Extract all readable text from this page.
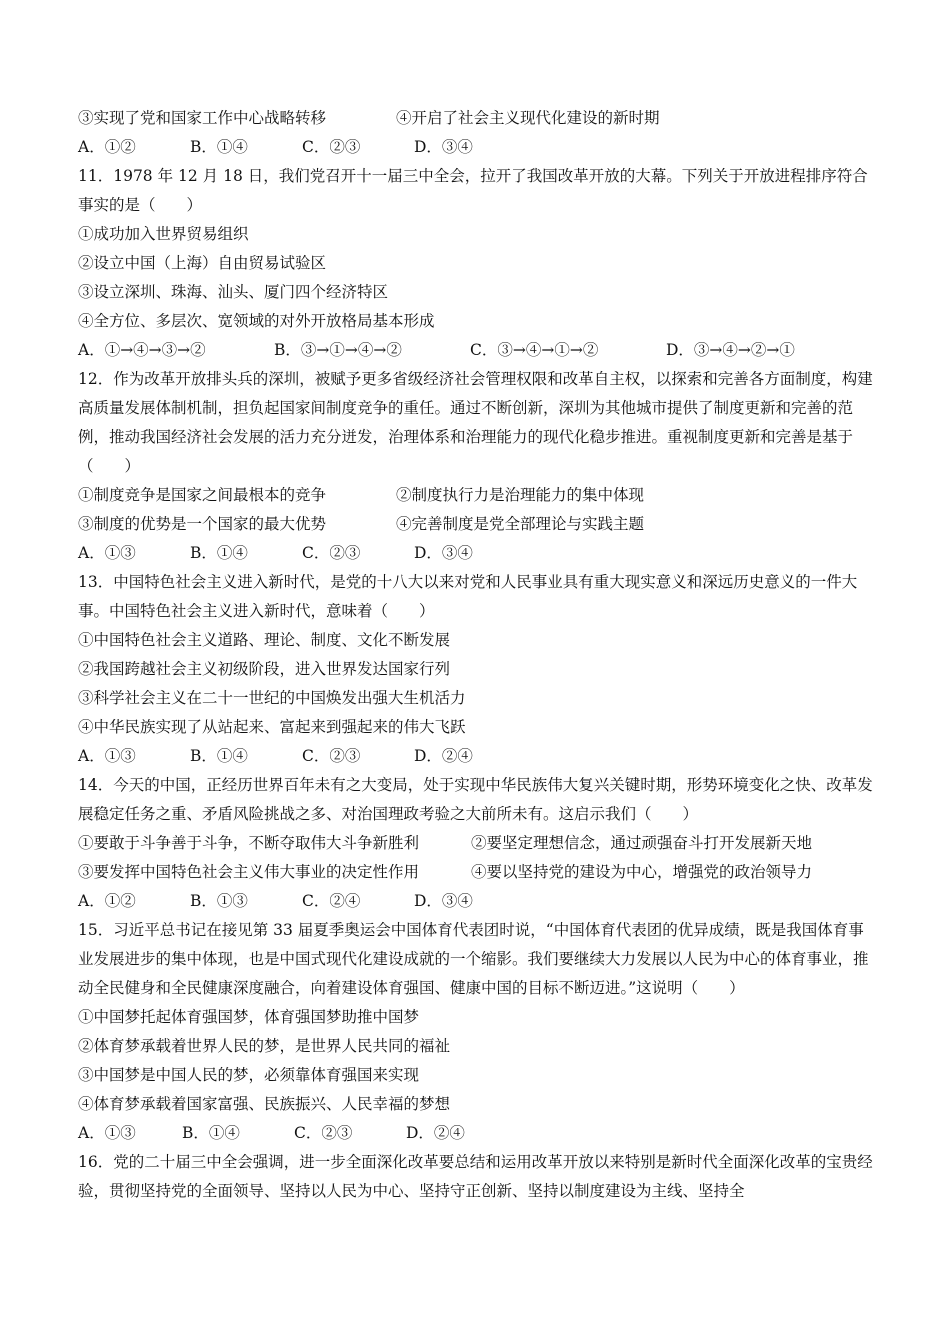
③实现了党和国家工作中心战略转移	④开启了社会主义现代化建设的新时期
A．①②	B．①④	C．②③	D．③④
11．1978 年 12 月 18 日，我们党召开十一届三中全会，拉开了我国改革开放的大幕。下列关于开放进程排序符合事实的是（　　）
①成功加入世界贸易组织
②设立中国（上海）自由贸易试验区
③设立深圳、珠海、汕头、厦门四个经济特区
④全方位、多层次、宽领域的对外开放格局基本形成
A．①→④→③→②	B．③→①→④→②	C．③→④→①→②	D．③→④→②→①
12．作为改革开放排头兵的深圳，被赋予更多省级经济社会管理权限和改革自主权，以探索和完善各方面制度，构建高质量发展体制机制，担负起国家间制度竞争的重任。通过不断创新，深圳为其他城市提供了制度更新和完善的范例，推动我国经济社会发展的活力充分迸发，治理体系和治理能力的现代化稳步推进。重视制度更新和完善是基于（　　）
①制度竞争是国家之间最根本的竞争	②制度执行力是治理能力的集中体现
③制度的优势是一个国家的最大优势	④完善制度是党全部理论与实践主题
A．①③	B．①④	C．②③	D．③④
13．中国特色社会主义进入新时代，是党的十八大以来对党和人民事业具有重大现实意义和深远历史意义的一件大事。中国特色社会主义进入新时代，意味着（　　）
①中国特色社会主义道路、理论、制度、文化不断发展
②我国跨越社会主义初级阶段，进入世界发达国家行列
③科学社会主义在二十一世纪的中国焕发出强大生机活力
④中华民族实现了从站起来、富起来到强起来的伟大飞跃
A．①③	B．①④	C．②③	D．②④
14．今天的中国，正经历世界百年未有之大变局，处于实现中华民族伟大复兴关键时期，形势环境变化之快、改革发展稳定任务之重、矛盾风险挑战之多、对治国理政考验之大前所未有。这启示我们（　　）
①要敢于斗争善于斗争，不断夺取伟大斗争新胜利	②要坚定理想信念，通过顽强奋斗打开发展新天地
③要发挥中国特色社会主义伟大事业的决定性作用	④要以坚持党的建设为中心，增强党的政治领导力
A．①②	B．①③	C．②④	D．③④
15．习近平总书记在接见第 33 届夏季奥运会中国体育代表团时说，“中国体育代表团的优异成绩，既是我国体育事业发展进步的集中体现，也是中国式现代化建设成就的一个缩影。我们要继续大力发展以人民为中心的体育事业，推动全民健身和全民健康深度融合，向着建设体育强国、健康中国的目标不断迈进。”这说明（　　）
①中国梦托起体育强国梦，体育强国梦助推中国梦
②体育梦承载着世界人民的梦，是世界人民共同的福祉
③中国梦是中国人民的梦，必须靠体育强国来实现
④体育梦承载着国家富强、民族振兴、人民幸福的梦想
A．①③	B．①④	C．②③	D．②④
16．党的二十届三中全会强调，进一步全面深化改革要总结和运用改革开放以来特别是新时代全面深化改革的宝贵经验，贯彻坚持党的全面领导、坚持以人民为中心、坚持守正创新、坚持以制度建设为主线、坚持全
